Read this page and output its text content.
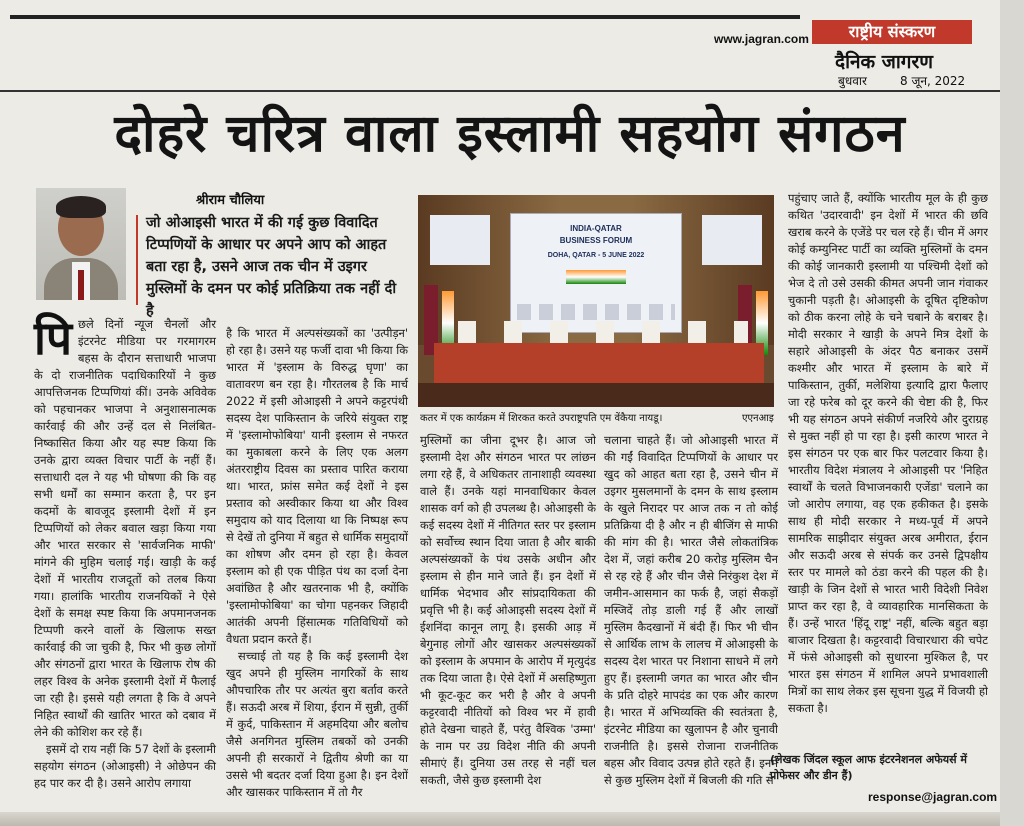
www.jagran.com	राष्ट्रीय संस्करण
दैनिक जागरण
बुधवार	8 जून, 2022
दोहरे चरित्र वाला इस्लामी सहयोग संगठन
श्रीराम चौलिया
जो ओआइसी भारत में की गई कुछ विवादित टिप्पणियों के आधार पर अपने आप को आहत बता रहा है, उसने आज तक चीन में उइगर मुस्लिमों के दमन पर कोई प्रतिक्रिया तक नहीं दी है
INDIA-QATAR
BUSINESS FORUM
DOHA, QATAR - 5 JUNE 2022
कतर में एक कार्यक्रम में शिरकत करते उपराष्ट्रपति एम वेंकैया नायडू।	एएनआइ

पिछले दिनों न्यूज चैनलों और इंटरनेट मीडिया पर गरमागरम बहस के दौरान सत्ताधारी भाजपा के दो राजनीतिक पदाधिकारियों ने कुछ आपत्तिजनक टिप्पणियां कीं। उनके अविवेक को पहचानकर भाजपा ने अनुशासनात्मक कार्रवाई की और उन्हें दल से निलंबित-निष्कासित किया और यह स्पष्ट किया कि उनके द्वारा व्यक्त विचार पार्टी के नहीं हैं। सत्ताधारी दल ने यह भी घोषणा की कि वह सभी धर्मों का सम्मान करता है, पर इन कदमों के बावजूद इस्लामी देशों में इन टिप्पणियों को लेकर बवाल खड़ा किया गया और भारत सरकार से 'सार्वजनिक माफी' मांगने की मुहिम चलाई गई। खाड़ी के कई देशों में भारतीय राजदूतों को तलब किया गया। हालांकि भारतीय राजनयिकों ने ऐसे देशों के समक्ष स्पष्ट किया कि अपमानजनक टिप्पणी करने वालों के खिलाफ सख्त कार्रवाई की जा चुकी है, फिर भी कुछ लोगों और संगठनों द्वारा भारत के खिलाफ रोष की लहर विश्व के अनेक इस्लामी देशों में फैलाई जा रही है। इससे यही लगता है कि वे अपने निहित स्वार्थों की खातिर भारत को दबाव में लेने की कोशिश कर रहे हैं।

इसमें दो राय नहीं कि 57 देशों के इस्लामी सहयोग संगठन (ओआइसी) ने ओछेपन की हद पार कर दी है। उसने आरोप लगाया

है कि भारत में अल्पसंख्यकों का 'उत्पीड़न' हो रहा है। उसने यह फर्जी दावा भी किया कि भारत में 'इस्लाम के विरुद्ध घृणा' का वातावरण बन रहा है। गौरतलब है कि मार्च 2022 में इसी ओआइसी ने अपने कट्टरपंथी सदस्य देश पाकिस्तान के जरिये संयुक्त राष्ट्र में 'इस्लामोफोबिया' यानी इस्लाम से नफरत का मुकाबला करने के लिए एक अलग अंतरराष्ट्रीय दिवस का प्रस्ताव पारित कराया था। भारत, फ्रांस समेत कई देशों ने इस प्रस्ताव को अस्वीकार किया था और विश्व समुदाय को याद दिलाया था कि निष्पक्ष रूप से देखें तो दुनिया में बहुत से धार्मिक समुदायों का शोषण और दमन हो रहा है। केवल इस्लाम को ही एक पीड़ित पंथ का दर्जा देना अवांछित है और खतरनाक भी है, क्योंकि 'इस्लामोफोबिया' का चोगा पहनकर जिहादी आतंकी अपनी हिंसात्मक गतिविधियों को वैधता प्रदान करते हैं।

सच्चाई तो यह है कि कई इस्लामी देश खुद अपने ही मुस्लिम नागरिकों के साथ औपचारिक तौर पर अत्यंत बुरा बर्ताव करते हैं। सऊदी अरब में शिया, ईरान में सुन्नी, तुर्की में कुर्द, पाकिस्तान में अहमदिया और बलोच जैसे अनगिनत मुस्लिम तबकों को उनकी अपनी ही सरकारों ने द्वितीय श्रेणी का या उससे भी बदतर दर्जा दिया हुआ है। इन देशों और खासकर पाकिस्तान में तो गैर

मुस्लिमों का जीना दूभर है। आज जो इस्लामी देश और संगठन भारत पर लांछन लगा रहे हैं, वे अधिकतर तानाशाही व्यवस्था वाले हैं। उनके यहां मानवाधिकार केवल शासक वर्ग को ही उपलब्ध है। ओआइसी के कई सदस्य देशों में नीतिगत स्तर पर इस्लाम को सर्वोच्च स्थान दिया जाता है और बाकी अल्पसंख्यकों के पंथ उसके अधीन और इस्लाम से हीन माने जाते हैं। इन देशों में धार्मिक भेदभाव और सांप्रदायिकता की प्रवृत्ति भी है। कई ओआइसी सदस्य देशों में ईशनिंदा कानून लागू है। इसकी आड़ में बेगुनाह लोगों और खासकर अल्पसंख्यकों को इस्लाम के अपमान के आरोप में मृत्युदंड तक दिया जाता है। ऐसे देशों में असहिष्णुता भी कूट-कूट कर भरी है और वे अपनी कट्टरवादी नीतियों को विश्व भर में हावी होते देखना चाहते हैं, परंतु वैश्विक 'उम्मा' के नाम पर उग्र विदेश नीति की अपनी सीमाएं हैं। दुनिया उस तरह से नहीं चल सकती, जैसे कुछ इस्लामी देश

चलाना चाहते हैं। जो ओआइसी भारत में की गईं विवादित टिप्पणियों के आधार पर खुद को आहत बता रहा है, उसने चीन में उइगर मुसलमानों के दमन के साथ इस्लाम के खुले निरादर पर आज तक न तो कोई प्रतिक्रिया दी है और न ही बीजिंग से माफी की मांग की है। भारत जैसे लोकतांत्रिक देश में, जहां करीब 20 करोड़ मुस्लिम चैन से रह रहे हैं और चीन जैसे निरंकुश देश में जमीन-आसमान का फर्क है, जहां सैकड़ों मस्जिदें तोड़ डाली गई हैं और लाखों मुस्लिम कैदखानों में बंदी हैं। फिर भी चीन से आर्थिक लाभ के लालच में ओआइसी के सदस्य देश भारत पर निशाना साधने में लगे हुए हैं। इस्लामी जगत का भारत और चीन के प्रति दोहरे मापदंड का एक और कारण है। भारत में अभिव्यक्ति की स्वतंत्रता है, इंटरनेट मीडिया का खुलापन है और चुनावी राजनीति है। इससे रोजाना राजनीतिक बहस और विवाद उत्पन्न होते रहते हैं। इनमें से कुछ मुस्लिम देशों में बिजली की गति से

पहुंचाए जाते हैं, क्योंकि भारतीय मूल के ही कुछ कथित 'उदारवादी' इन देशों में भारत की छवि खराब करने के एजेंडे पर चल रहे हैं। चीन में अगर कोई कम्युनिस्ट पार्टी का व्यक्ति मुस्लिमों के दमन की कोई जानकारी इस्लामी या पश्चिमी देशों को भेज दे तो उसे उसकी कीमत अपनी जान गंवाकर चुकानी पड़ती है। ओआइसी के दूषित दृष्टिकोण को ठीक करना लोहे के चने चबाने के बराबर है। मोदी सरकार ने खाड़ी के अपने मित्र देशों के सहारे ओआइसी के अंदर पैठ बनाकर उसमें कश्मीर और भारत में इस्लाम के बारे में पाकिस्तान, तुर्की, मलेशिया इत्यादि द्वारा फैलाए जा रहे फरेब को दूर करने की चेष्टा की है, फिर भी यह संगठन अपने संकीर्ण नजरिये और दुराग्रह से मुक्त नहीं हो पा रहा है। इसी कारण भारत ने इस संगठन पर एक बार फिर पलटवार किया है। भारतीय विदेश मंत्रालय ने ओआइसी पर 'निहित स्वार्थों के चलते विभाजनकारी एजेंडा' चलाने का जो आरोप लगाया, वह एक हकीकत है। इसके साथ ही मोदी सरकार ने मध्य-पूर्व में अपने सामरिक साझीदार संयुक्त अरब अमीरात, ईरान और सऊदी अरब से संपर्क कर उनसे द्विपक्षीय स्तर पर मामले को ठंडा करने की पहल की है। खाड़ी के जिन देशों से भारत भारी विदेशी निवेश प्राप्त कर रहा है, वे व्यावहारिक मानसिकता के हैं। उन्हें भारत 'हिंदू राष्ट्र' नहीं, बल्कि बहुत बड़ा बाजार दिखता है। कट्टरवादी विचारधारा की चपेट में फंसे ओआइसी को सुधारना मुश्किल है, पर भारत इस संगठन में शामिल अपने प्रभावशाली मित्रों का साथ लेकर इस सूचना युद्ध में विजयी हो सकता है।

(लेखक जिंदल स्कूल आफ इंटरनेशनल अफेयर्स में प्रोफेसर और डीन हैं)
response@jagran.com
